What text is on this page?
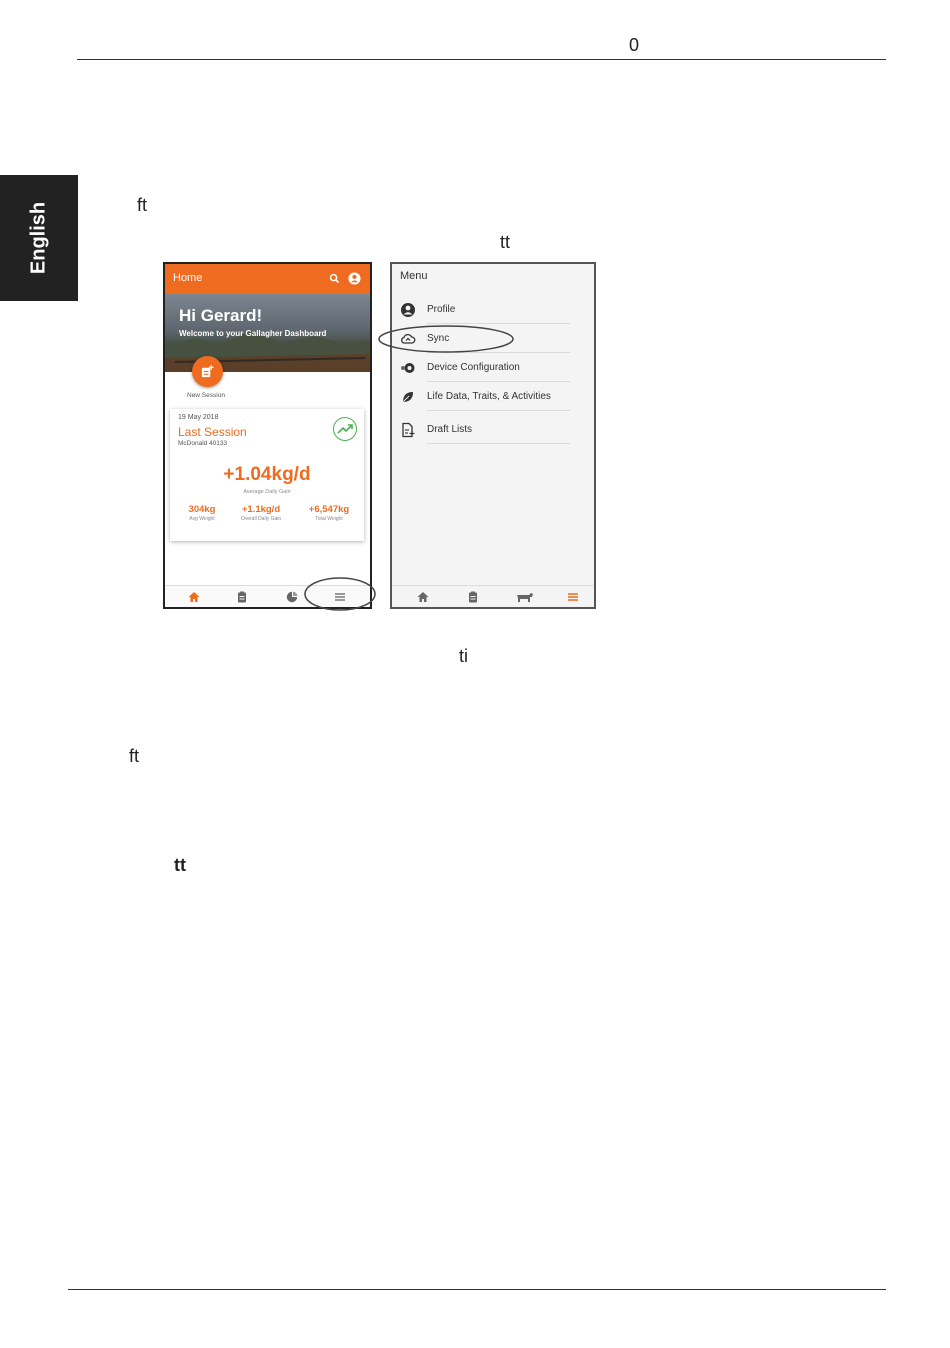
0
English	ft
tt
Home
Hi Gerard!
Welcome to your Gallagher Dashboard
New Session
19 May 2018
Last Session
McDonald 40133
+1.04kg/d
Average Daily Gain
304kg
Avg Weight
+1.1kg/d
Overall Daily Gain
+6,547kg
Total Weight
Menu
Profile
Sync
Device Configuration
Life Data, Traits, & Activities
Draft Lists
ti
ft
tt
